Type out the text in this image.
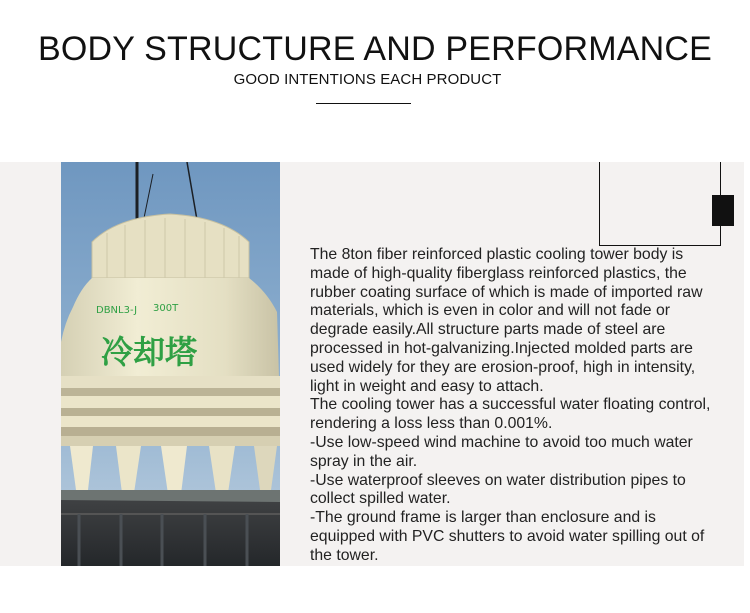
BODY STRUCTURE AND PERFORMANCE
GOOD INTENTIONS EACH PRODUCT
DBNL3-J 300T
冷却塔

The 8ton fiber reinforced plastic cooling tower body is made of high-quality fiberglass reinforced plastics, the rubber coating surface of which is made of imported raw materials, which is even in color and will not fade or degrade easily.All structure parts made of steel are processed in hot-galvanizing.Injected molded parts are used widely for they are erosion-proof, high in intensity, light in weight and easy to attach.

The cooling tower has a successful water floating control, rendering a loss less than 0.001%.

-Use low-speed wind machine to avoid too much water spray in the air.

-Use waterproof sleeves on water distribution pipes to collect spilled water.

-The ground frame is larger than enclosure and is equipped with PVC shutters to avoid water spilling out of the tower.
